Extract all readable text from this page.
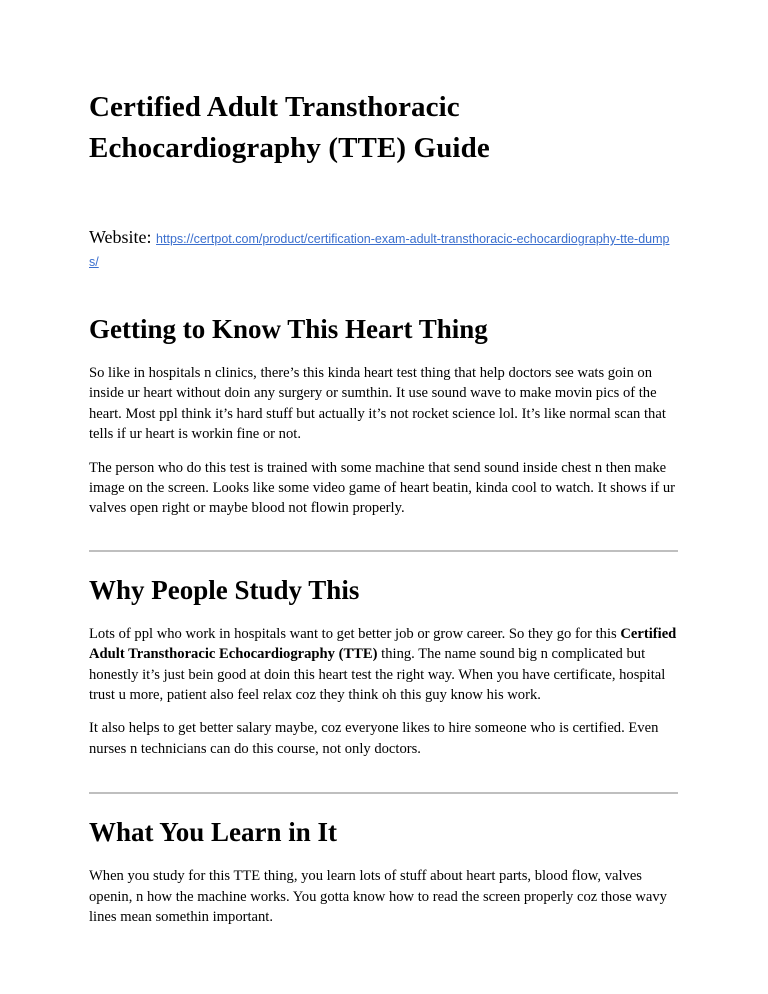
Certified Adult Transthoracic Echocardiography (TTE) Guide

Website: https://certpot.com/product/certification-exam-adult-transthoracic-echocardiography-tte-dumps/

Getting to Know This Heart Thing

So like in hospitals n clinics, there’s this kinda heart test thing that help doctors see wats goin on inside ur heart without doin any surgery or sumthin. It use sound wave to make movin pics of the heart. Most ppl think it’s hard stuff but actually it’s not rocket science lol. It’s like normal scan that tells if ur heart is workin fine or not.

The person who do this test is trained with some machine that send sound inside chest n then make image on the screen. Looks like some video game of heart beatin, kinda cool to watch. It shows if ur valves open right or maybe blood not flowin properly.

Why People Study This

Lots of ppl who work in hospitals want to get better job or grow career. So they go for this Certified Adult Transthoracic Echocardiography (TTE) thing. The name sound big n complicated but honestly it’s just bein good at doin this heart test the right way. When you have certificate, hospital trust u more, patient also feel relax coz they think oh this guy know his work.

It also helps to get better salary maybe, coz everyone likes to hire someone who is certified. Even nurses n technicians can do this course, not only doctors.

What You Learn in It

When you study for this TTE thing, you learn lots of stuff about heart parts, blood flow, valves openin, n how the machine works. You gotta know how to read the screen properly coz those wavy lines mean somethin important.
